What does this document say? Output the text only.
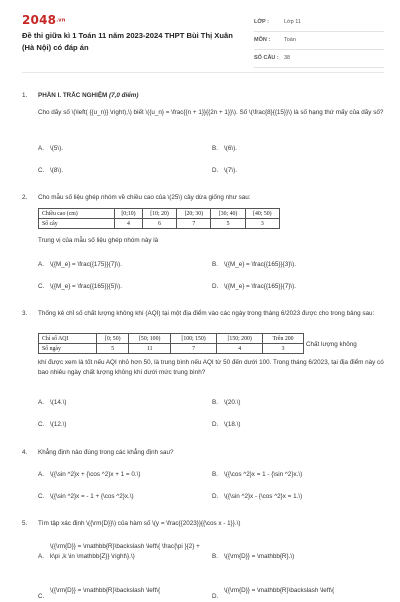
2048.vn
Đề thi giữa kì 1 Toán 11 năm 2023-2024 THPT Bùi Thị Xuân (Hà Nội) có đáp án
LỚP :	Lớp 11
MÔN :	Toán
SỐ CÂU : 38
1.	PHẦN I. TRẮC NGHIỆM (7,0 điểm)
Cho dãy số \(\left( {{u_n}} \right),\) biết \({u_n} = \frac{{n + 1}}{{2n + 1}}\). Số \(\frac{8}{{15}}\) là số hạng thứ mấy của dãy số?
A. \(5\).	B. \(6\).
C. \(8\).	D. \(7\).
2.	Cho mẫu số liệu ghép nhóm về chiều cao của \(25\) cây dừa giống như sau:
Chiều cao (cm)	[0;10)	[10; 20)	[20; 30)	[30; 40)	[40; 50)
Số cây	4	6	7	5	3
Trung vị của mẫu số liệu ghép nhóm này là
A. \({M_e} = \frac{{175}}{7}\).	B. \({M_e} = \frac{{165}}{3}\).
C. \({M_e} = \frac{{165}}{5}\).	D. \({M_e} = \frac{{165}}{7}\).
3.	Thống kê chỉ số chất lượng không khí (AQI) tại một địa điểm vào các ngày trong tháng 6/2023 được cho trong bảng sau:
Chỉ số AQI	[0; 50)	[50; 100)	[100; 150)	[150; 200)	Trên 200
Số ngày	5	11	7	4	3
Chất lượng không
khí được xem là tốt nếu AQI nhỏ hơn 50, là trung bình nếu AQI từ 50 đến dưới 100. Trong tháng 6/2023, tại địa điểm này có bao nhiêu ngày chất lượng không khí dưới mức trung bình?
A. \(14.\)	B. \(20.\)
C. \(12.\)	D. \(18.\)
4.	Khẳng định nào đúng trong các khẳng định sau?
A. \({\sin ^2}x + {\cos ^2}x + 1 = 0.\)	B. \({\cos ^2}x = 1 - {\sin ^2}x.\)
C. \({\sin ^2}x = - 1 + {\cos ^2}x.\)	D. \({\sin ^2}x - {\cos ^2}x = 1.\)
5.	Tìm tập xác định \({\rm{D}}\) của hàm số \(y = \frac{{2023}}{{\cos x - 1}}.\)
A.
\({\rm{D}} = \mathbb{R}\backslash \left\{ \frac{\pi }{2} + k\pi ,k \in \mathbb{Z}} \right\}.\)	B. \({\rm{D}} = \mathbb{R}.\)
C.
\({\rm{D}} = \mathbb{R}\backslash \left\{
D.
\({\rm{D}} = \mathbb{R}\backslash \left\{
